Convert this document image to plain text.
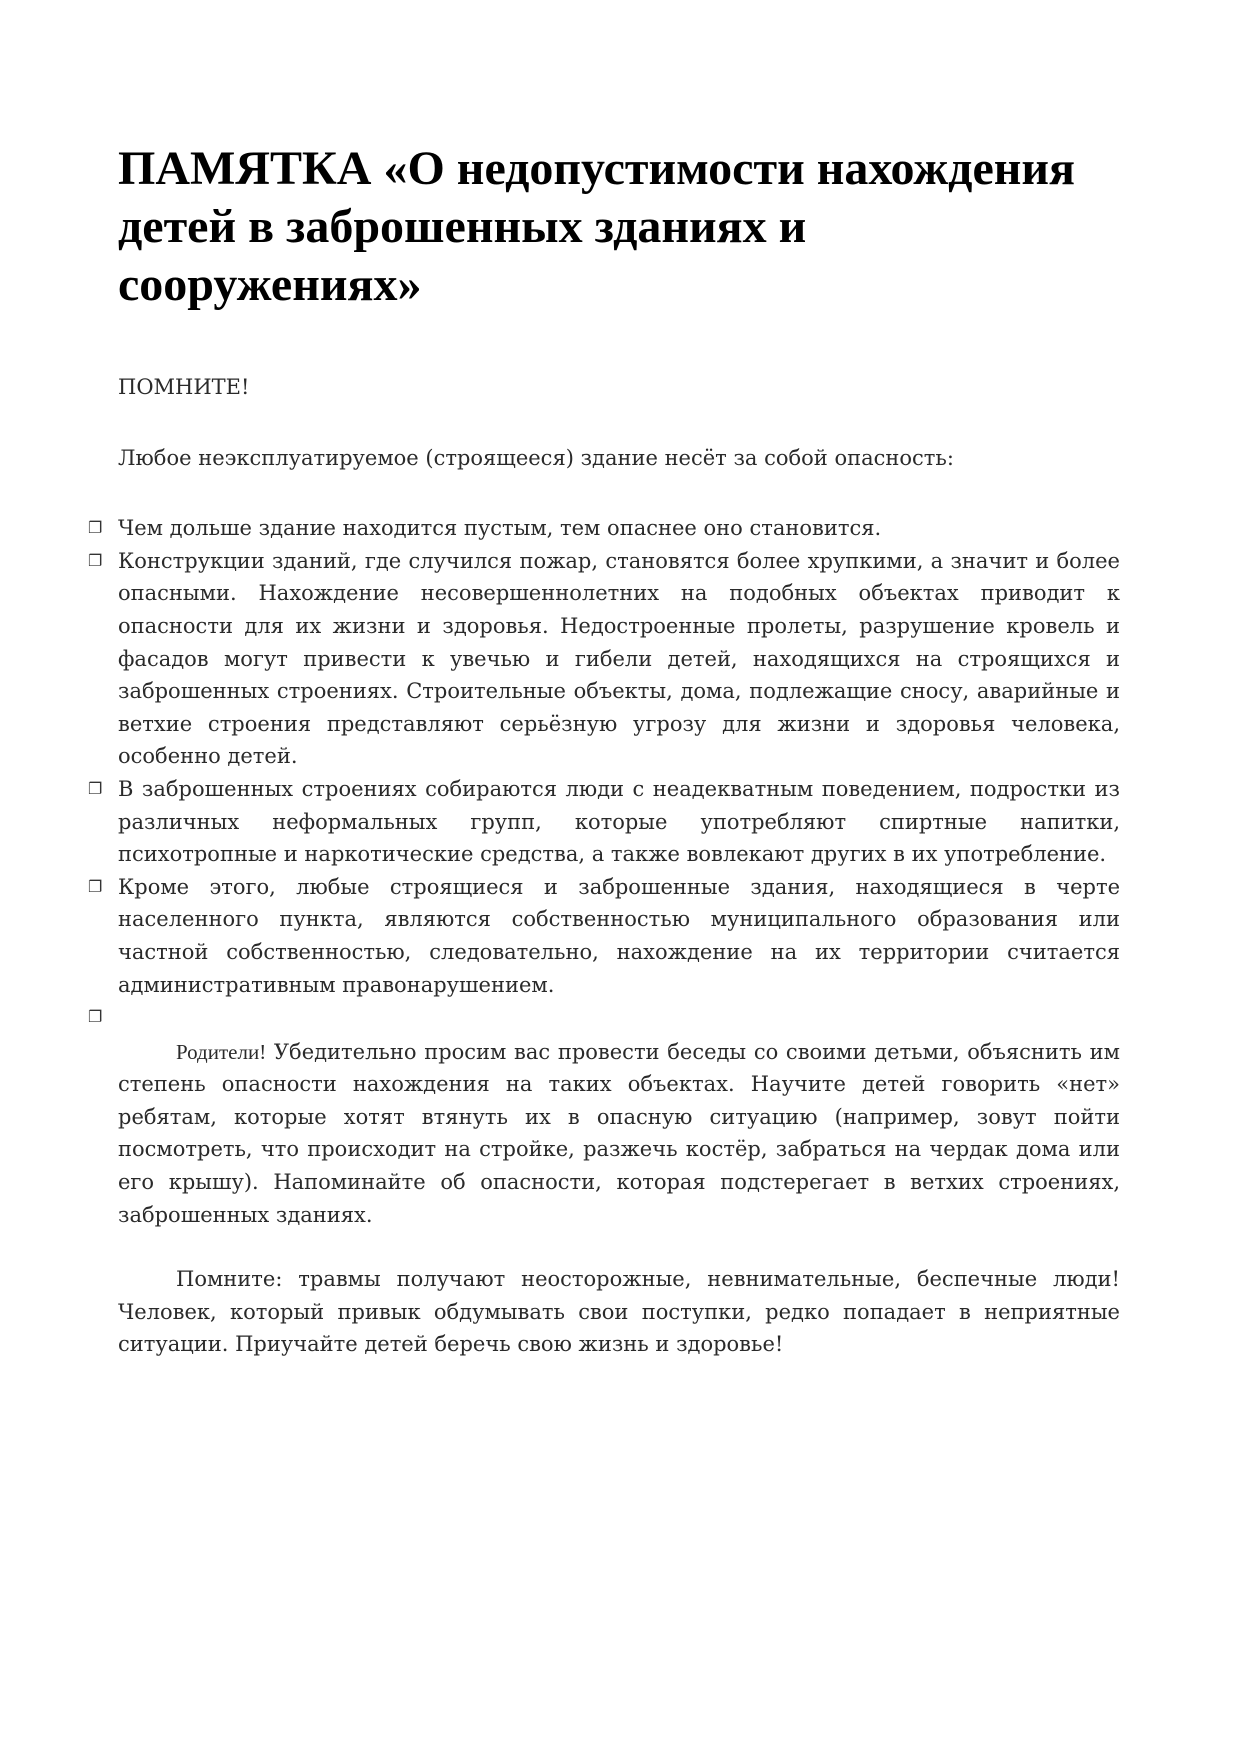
ПАМЯТКА «О недопустимости нахождения детей в заброшенных зданиях и сооружениях»

ПОМНИТЕ!

Любое неэксплуатируемое (строящееся) здание несёт за собой опасность:

❐ Чем дольше здание находится пустым, тем опаснее оно становится.
❐ Конструкции зданий, где случился пожар, становятся более хрупкими, а значит и более опасными. Нахождение несовершеннолетних на подобных объектах приводит к опасности для их жизни и здоровья. Недостроенные пролеты, разрушение кровель и фасадов могут привести к увечью и гибели детей, находящихся на строящихся и заброшенных строениях. Строительные объекты, дома, подлежащие сносу, аварийные и ветхие строения представляют серьёзную угрозу для жизни и здоровья человека, особенно детей.
❐ В заброшенных строениях собираются люди с неадекватным поведением, подростки из различных неформальных групп, которые употребляют спиртные напитки, психотропные и наркотические средства, а также вовлекают других в их употребление.
❐ Кроме этого, любые строящиеся и заброшенные здания, находящиеся в черте населенного пункта, являются собственностью муниципального образования или частной собственностью, следовательно, нахождение на их территории считается административным правонарушением.
❐

Родители! Убедительно просим вас провести беседы со своими детьми, объяснить им степень опасности нахождения на таких объектах. Научите детей говорить «нет» ребятам, которые хотят втянуть их в опасную ситуацию (например, зовут пойти посмотреть, что происходит на стройке, разжечь костёр, забраться на чердак дома или его крышу). Напоминайте об опасности, которая подстерегает в ветхих строениях, заброшенных зданиях.

Помните: травмы получают неосторожные, невнимательные, беспечные люди! Человек, который привык обдумывать свои поступки, редко попадает в неприятные ситуации. Приучайте детей беречь свою жизнь и здоровье!
